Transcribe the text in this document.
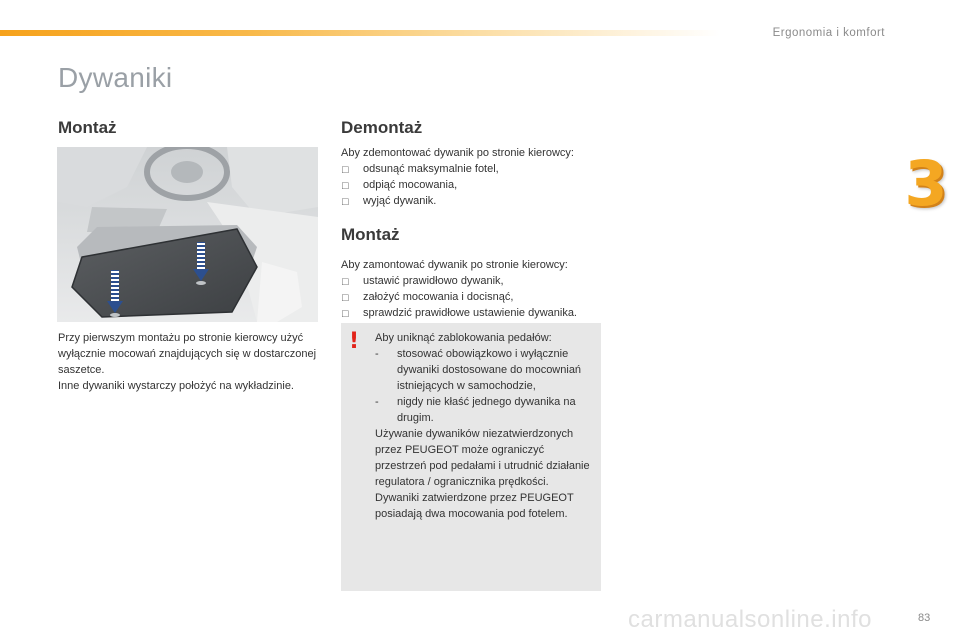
Ergonomia i komfort
3
Dywaniki
Montaż

Przy pierwszym montażu po stronie kierowcy użyć wyłącznie mocowań znajdujących się w dostarczonej saszetce.

Inne dywaniki wystarczy położyć na wykładzinie.

Demontaż

Aby zdemontować dywanik po stronie kierowcy:

□ odsunąć maksymalnie fotel,
□ odpiąć mocowania,
□ wyjąć dywanik.
Montaż

Aby zamontować dywanik po stronie kierowcy:

□ ustawić prawidłowo dywanik,
□ założyć mocowania i docisnąć,
□ sprawdzić prawidłowe ustawienie dywanika.
! Aby uniknąć zablokowania pedałów:

- stosować obowiązkowo i wyłącznie dywaniki dostosowane do mocowniań istniejących w samochodzie,
- nigdy nie kłaść jednego dywanika na drugim.

Używanie dywaników niezatwierdzonych przez PEUGEOT może ograniczyć przestrzeń pod pedałami i utrudnić działanie regulatora / ogranicznika prędkości.

Dywaniki zatwierdzone przez PEUGEOT posiadają dwa mocowania pod fotelem.

carmanualsonline.info	83
